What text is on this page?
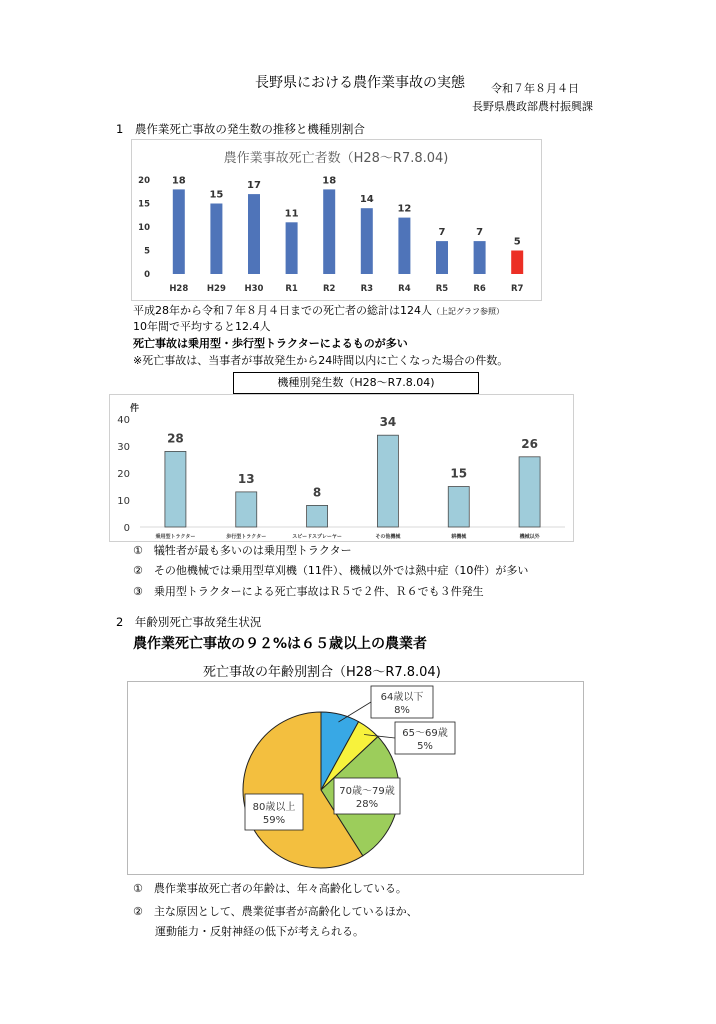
長野県における農作業事故の実態 令和７年８月４日
長野県農政部農村振興課
1　農作業死亡事故の発生数の推移と機種別割合
農作業事故死亡者数（H28～R7.8.04)
0
5
10
15
20 18
H28
15
H29
17
H30
11
R1
18
R2
14
R3
12
R4
7
R5
7
R6
5
R7
平成28年から令和７年８月４日までの死亡者の総計は124人（上記グラフ参照）
10年間で平均すると12.4人
死亡事故は乗用型・歩行型トラクターによるものが多い
※死亡事故は、当事者が事故発生から24時間以内に亡くなった場合の件数。
機種別発生数（H28～R7.8.04)
件
0
10
20
30
40
28
乗用型トラクター
13
歩行型トラクター
8
スピードスプレーヤー
34
その他機械
15
耕機械
26
機械以外
①　犠牲者が最も多いのは乗用型トラクター
②　その他機械では乗用型草刈機（11件）、機械以外では熱中症（10件）が多い
③　乗用型トラクターによる死亡事故はＲ５で２件、Ｒ６でも３件発生
2　年齢別死亡事故発生状況
農作業死亡事故の９２%は６５歳以上の農業者
死亡事故の年齢別割合（H28～R7.8.04)
64歳以下
8%
65～69歳
5%
70歳～79歳
28%
80歳以上
59%
①　農作業事故死亡者の年齢は、年々高齢化している。
②　主な原因として、農業従事者が高齢化しているほか、
運動能力・反射神経の低下が考えられる。
